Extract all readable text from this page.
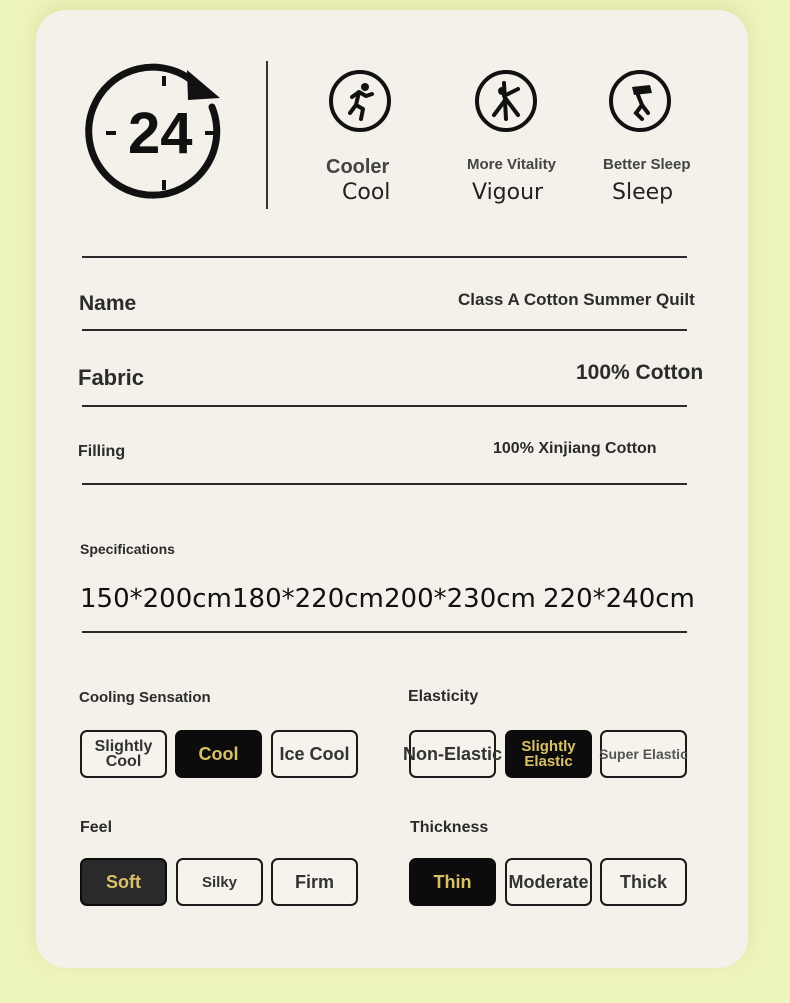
24
Cooler
Cool
More Vitality
Vigour
Better Sleep
Sleep
Name	Class A Cotton Summer Quilt
Fabric	100% Cotton
Filling	100% Xinjiang Cotton
Specifications
150*200cm 180*220cm 200*230cm 220*240cm
Cooling Sensation
Slightly Cool	Cool Ice Cool
Elasticity
Non-Elastic	Slightly Elastic	Super Elastic
Feel
Soft	Silky	Firm
Thickness
Thin Moderate Thick
